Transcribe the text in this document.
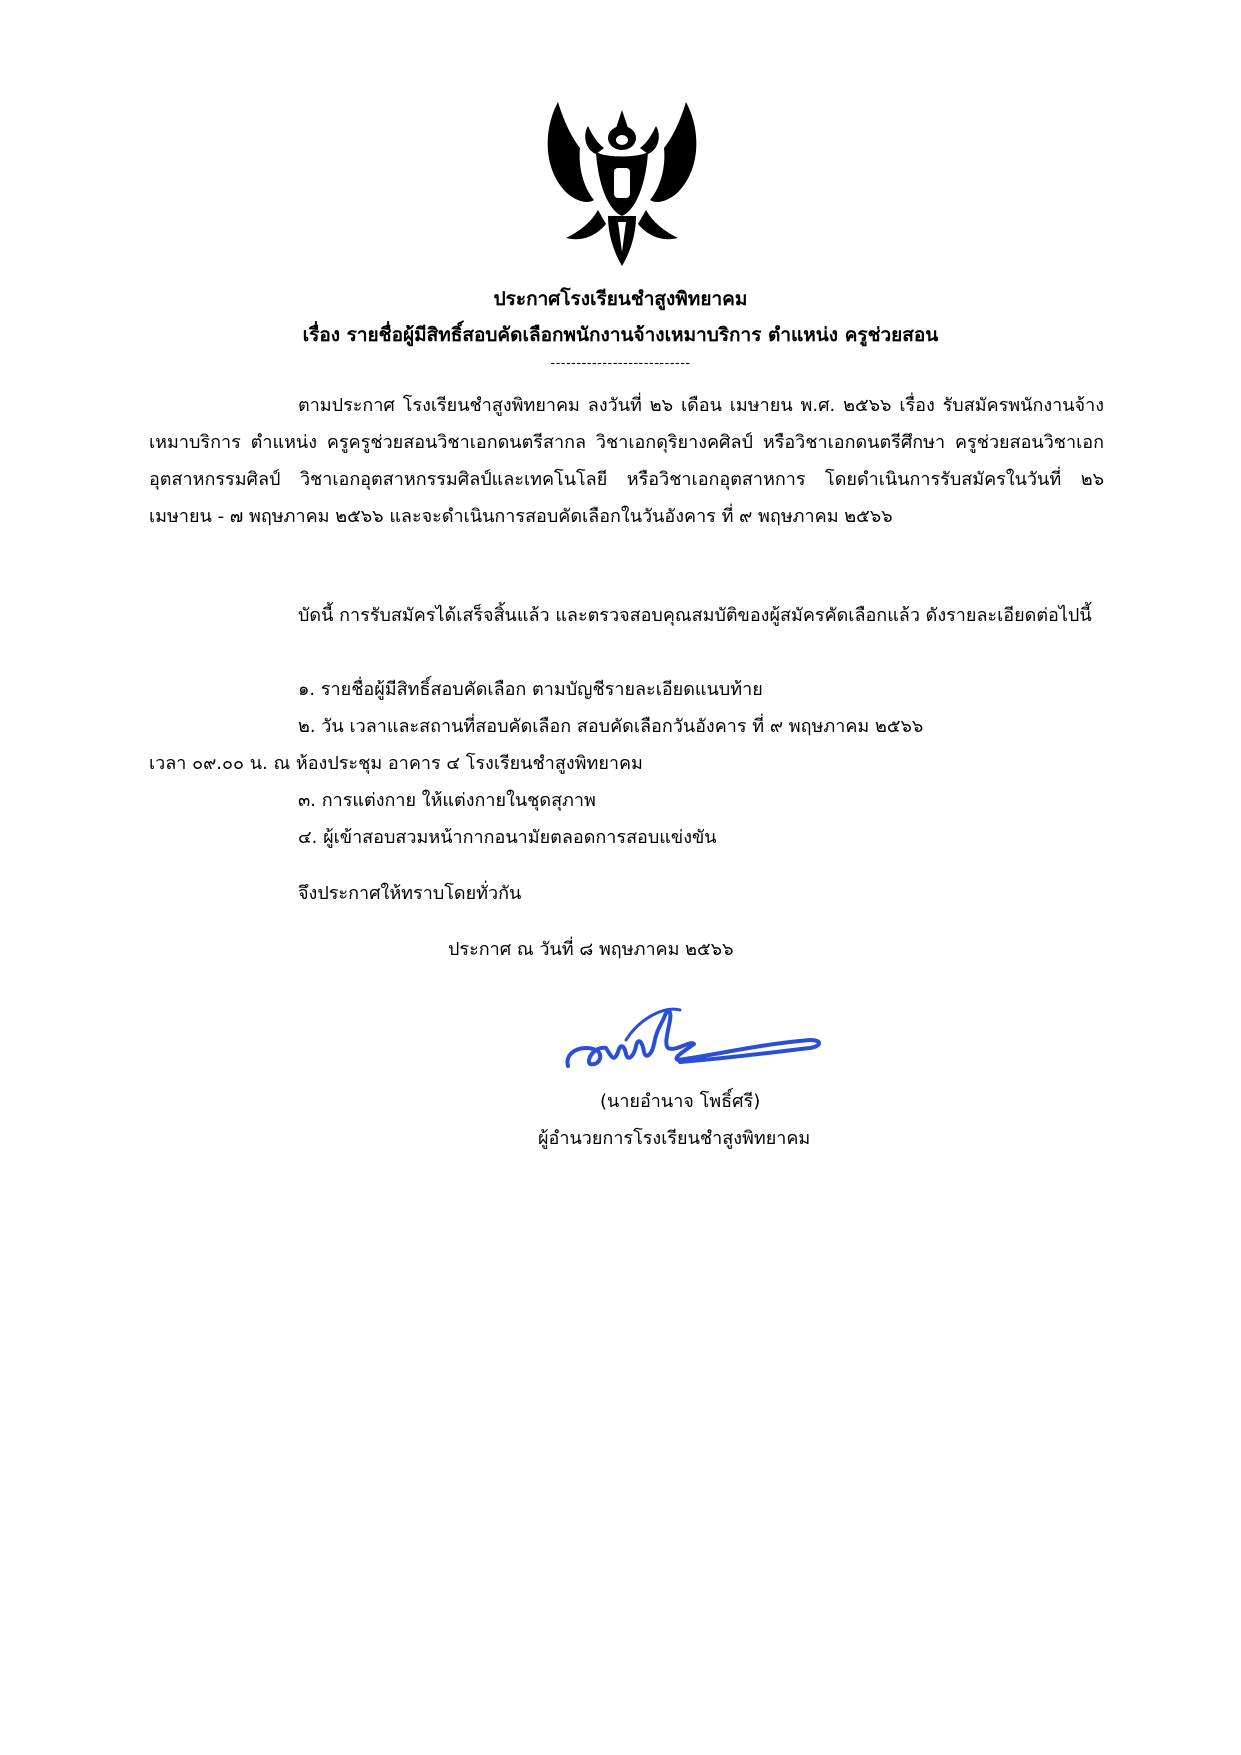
ประกาศโรงเรียนชำสูงพิทยาคม
เรื่อง รายชื่อผู้มีสิทธิ์สอบคัดเลือกพนักงานจ้างเหมาบริการ ตำแหน่ง ครูช่วยสอน
---------------------------
ตามประกาศ โรงเรียนชำสูงพิทยาคม ลงวันที่ ๒๖ เดือน เมษายน พ.ศ. ๒๕๖๖ เรื่อง รับสมัครพนักงานจ้างเหมาบริการ ตำแหน่ง ครูครูช่วยสอนวิชาเอกดนตรีสากล วิชาเอกดุริยางคศิลป์ หรือวิชาเอกดนตรีศึกษา ครูช่วยสอนวิชาเอกอุตสาหกรรมศิลป์ วิชาเอกอุตสาหกรรมศิลป์และเทคโนโลยี หรือวิชาเอกอุตสาหการ โดยดำเนินการรับสมัครในวันที่ ๒๖ เมษายน - ๗ พฤษภาคม ๒๕๖๖ และจะดำเนินการสอบคัดเลือกในวันอังคาร ที่ ๙ พฤษภาคม ๒๕๖๖
บัดนี้ การรับสมัครได้เสร็จสิ้นแล้ว และตรวจสอบคุณสมบัติของผู้สมัครคัดเลือกแล้ว ดังรายละเอียดต่อไปนี้
๑. รายชื่อผู้มีสิทธิ์สอบคัดเลือก ตามบัญชีรายละเอียดแนบท้าย
๒. วัน เวลาและสถานที่สอบคัดเลือก สอบคัดเลือกวันอังคาร ที่ ๙ พฤษภาคม ๒๕๖๖
เวลา ๐๙.๐๐ น. ณ ห้องประชุม อาคาร ๔ โรงเรียนชำสูงพิทยาคม
๓. การแต่งกาย ให้แต่งกายในชุดสุภาพ
๔. ผู้เข้าสอบสวมหน้ากากอนามัยตลอดการสอบแข่งขัน
จึงประกาศให้ทราบโดยทั่วกัน
ประกาศ ณ วันที่ ๘ พฤษภาคม ๒๕๖๖
(นายอำนาจ โพธิ์ศรี)
ผู้อำนวยการโรงเรียนชำสูงพิทยาคม
